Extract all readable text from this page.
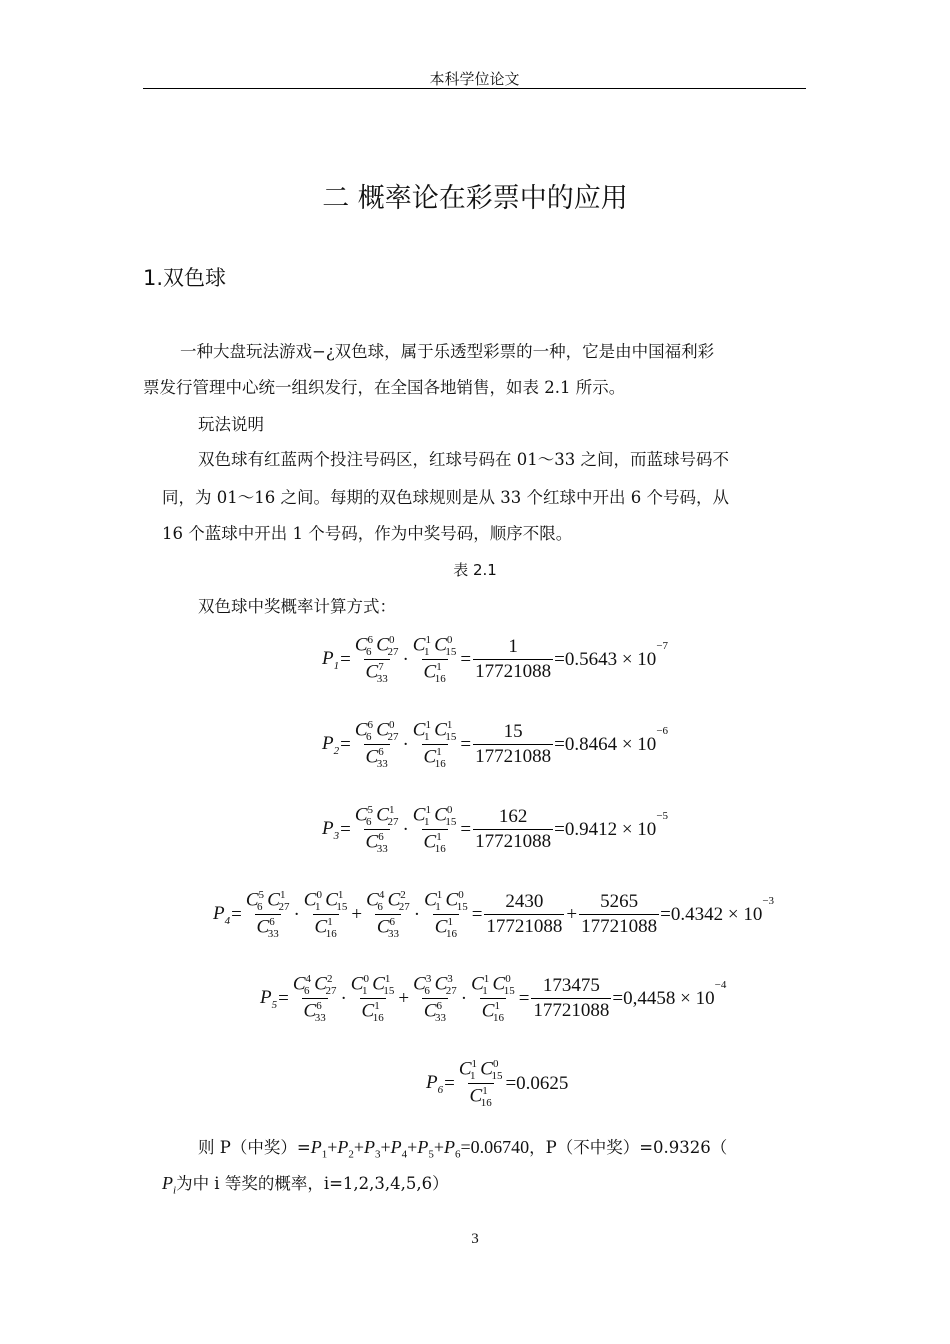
本科学位论文
二 概率论在彩票中的应用
1.双色球
一种大盘玩法游戏−¿双色球，属于乐透型彩票的一种，它是由中国福利彩
票发行管理中心统一组织发行，在全国各地销售，如表 2.1 所示。
玩法说明
双色球有红蓝两个投注号码区，红球号码在 01～33 之间，而蓝球号码不
同，为 01～16 之间。每期的双色球规则是从 33 个红球中开出 6 个号码，从
16 个蓝球中开出 1 个号码，作为中奖号码，顺序不限。
表 2.1
双色球中奖概率计算方式：
$P_1 = \frac{C^6_6 C^0_{27}}{C^7_{33}} \cdot \frac{C^1_1 C^0_{15}}{C^1_{16}} = \frac{1}{17721088} =0.5643 \times 10$
$^{-7}$
$P_2 = \frac{C^6_6 C^0_{27}}{C^6_{33}} \cdot \frac{C^1_1 C^1_{15}}{C^1_{16}} = \frac{15}{17721088} =0.8464 \times 10$
$^{-6}$
$P_3 = \frac{C^5_6 C^1_{27}}{C^6_{33}} \cdot \frac{C^1_1 C^0_{15}}{C^1_{16}} = \frac{162}{17721088} =0.9412 \times 10$
$^{-5}$
$P_4 = \frac{C^5_6 C^1_{27}}{C^6_{33}} \cdot \frac{C^0_1 C^1_{15}}{C^1_{16}} + \frac{C^4_6 C^2_{27}}{C^6_{33}} \cdot \frac{C^1_1 C^0_{15}}{C^1_{16}} = \frac{2430}{17721088} + \frac{5265}{17721088} =0.4342 \times 10$
$^{-3}$
$P_5 = \frac{C^4_6 C^2_{27}}{C^6_{33}} \cdot \frac{C^0_1 C^1_{15}}{C^1_{16}} + \frac{C^3_6 C^3_{27}}{C^6_{33}} \cdot \frac{C^1_1 C^0_{15}}{C^1_{16}} = \frac{173475}{17721088} =0,4458 \times 10$
$^{-4}$
$P_6 = \frac{C^1_1 C^0_{15}}{C^1_{16}} =0.0625$
则 P（中奖）= $P_1+P_2+P_3+P_4+P_5+P_6=0.06740$ ，P（不中奖）=0.9326（
$P_i$ 为中 i 等奖的概率，i=1,2,3,4,5,6）
3
